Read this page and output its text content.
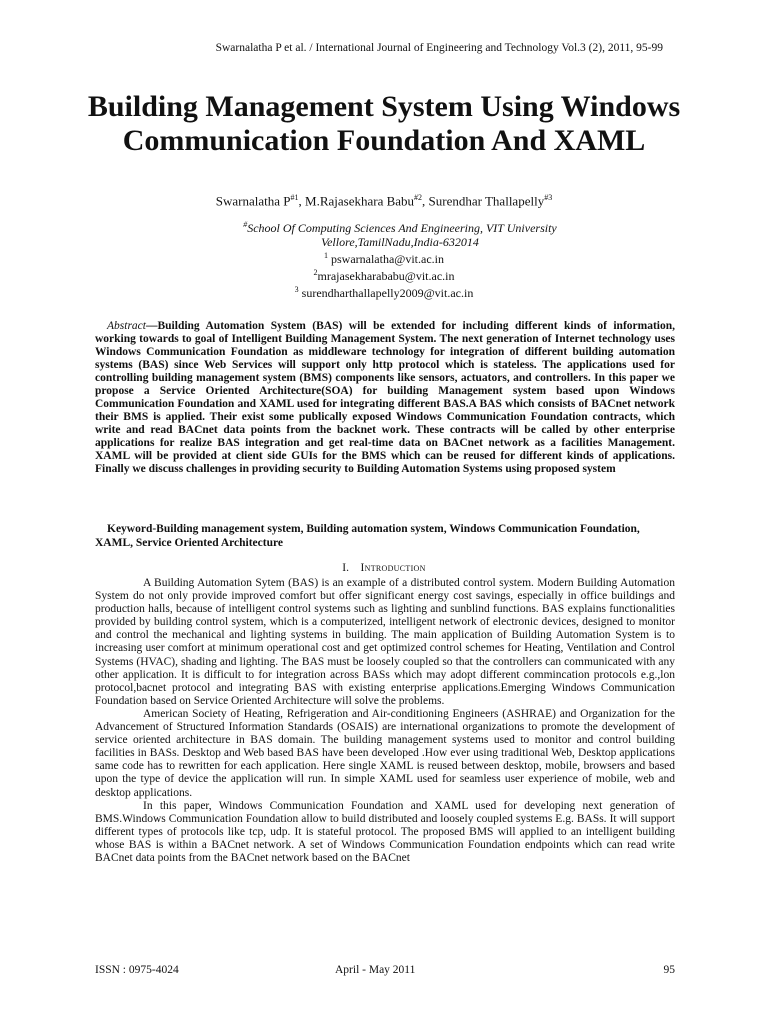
Swarnalatha P et al. / International Journal of Engineering and Technology Vol.3 (2), 2011, 95-99
Building Management System Using Windows Communication Foundation And XAML
Swarnalatha $P^{\#1}$, M.Rajasekhara Babu$^{\#2}$, Surendhar Thallapelly$^{\#3}$
#School Of Computing Sciences And Engineering, VIT University
Vellore,TamilNadu,India-632014
$^1$ pswarnalatha@vit.ac.in
$^2$mrajasekharababu@vit.ac.in
$^3$ surendharthallapelly2009@vit.ac.in

Abstract—Building Automation System (BAS) will be extended for including different kinds of information, working towards to goal of Intelligent Building Management System. The next generation of Internet technology uses Windows Communication Foundation as middleware technology for integration of different building automation systems (BAS) since Web Services will support only http protocol which is stateless. The applications used for controlling building management system (BMS) components like sensors, actuators, and controllers. In this paper we propose a Service Oriented Architecture(SOA) for building Management system based upon Windows Communication Foundation and XAML used for integrating different BAS.A BAS which consists of BACnet network their BMS is applied. Their exist some publically exposed Windows Communication Foundation contracts, which write and read BACnet data points from the backnet work. These contracts will be called by other enterprise applications for realize BAS integration and get real-time data on BACnet network as a facilities Management. XAML will be provided at client side GUIs for the BMS which can be reused for different kinds of applications. Finally we discuss challenges in providing security to Building Automation Systems using proposed system

Keyword-Building management system, Building automation system, Windows Communication Foundation, XAML, Service Oriented Architecture

I. Introduction

A Building Automation Sytem (BAS) is an example of a distributed control system. Modern Building Automation System do not only provide improved comfort but offer significant energy cost savings, especially in office buildings and production halls, because of intelligent control systems such as lighting and sunblind functions. BAS explains functionalities provided by building control system, which is a computerized, intelligent network of electronic devices, designed to monitor and control the mechanical and lighting systems in building. The main application of Building Automation System is to increasing user comfort at minimum operational cost and get optimized control schemes for Heating, Ventilation and Control Systems (HVAC), shading and lighting. The BAS must be loosely coupled so that the controllers can communicated with any other application. It is difficult to for integration across BASs which may adopt different commincation protocols e.g.,lon protocol,bacnet protocol and integrating BAS with existing enterprise applications.Emerging Windows Communication Foundation based on Service Oriented Architecture will solve the problems.

American Society of Heating, Refrigeration and Air-conditioning Engineers (ASHRAE) and Organization for the Advancement of Structured Information Standards (OSAIS) are international organizations to promote the development of service oriented architecture in BAS domain. The building management systems used to monitor and control building facilities in BASs. Desktop and Web based BAS have been developed .How ever using traditional Web, Desktop applications same code has to rewritten for each application. Here single XAML is reused between desktop, mobile, browsers and based upon the type of device the application will run. In simple XAML used for seamless user experience of mobile, web and desktop applications.

In this paper, Windows Communication Foundation and XAML used for developing next generation of BMS.Windows Communication Foundation allow to build distributed and loosely coupled systems E.g. BASs. It will support different types of protocols like tcp, udp. It is stateful protocol. The proposed BMS will applied to an intelligent building whose BAS is within a BACnet network. A set of Windows Communication Foundation endpoints which can read write BACnet data points from the BACnet network based on the BACnet

ISSN : 0975-4024	April - May 2011	95
